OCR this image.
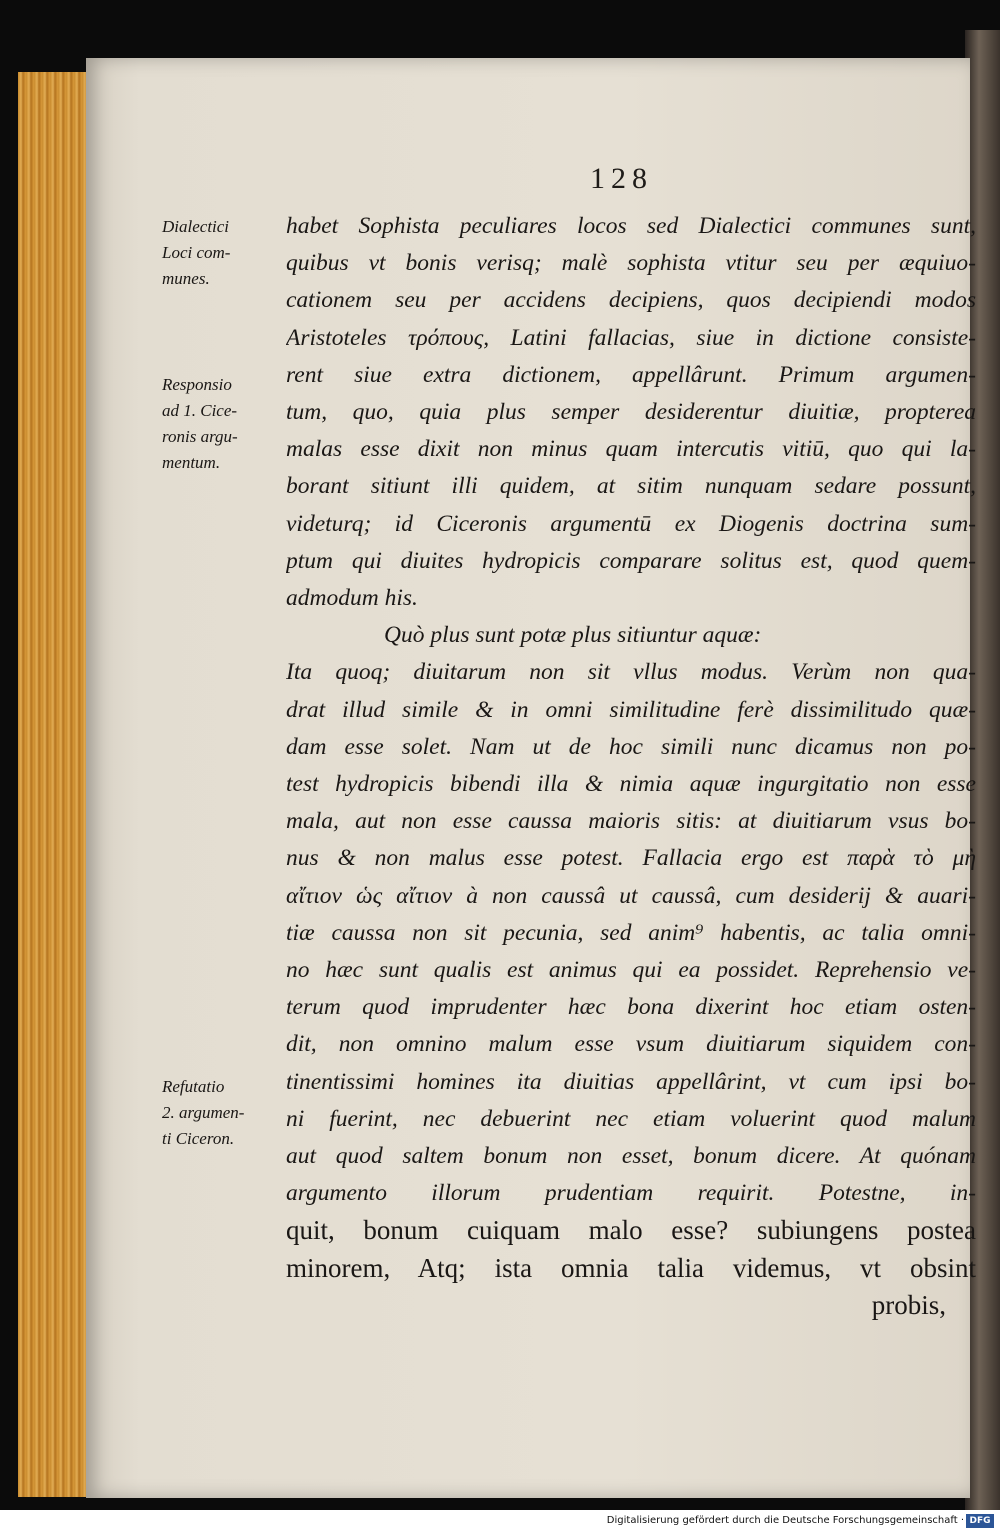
128
Dialectici
Loci com-
munes.
Responsio
ad 1. Cice-
ronis argu-
mentum.
Refutatio
2. argumen-
ti Ciceron.
habet Sophista peculiares locos sed Dialectici communes sunt,
quibus vt bonis verisq; malè sophista vtitur seu per æquiuo-
cationem seu per accidens decipiens, quos decipiendi modos
Aristoteles τρόπους, Latini fallacias, siue in dictione consiste-
rent siue extra dictionem, appellârunt. Primum argumen-
tum, quo, quia plus semper desiderentur diuitiæ, propterea
malas esse dixit non minus quam intercutis vitiū, quo qui la-
borant sitiunt illi quidem, at sitim nunquam sedare possunt,
videturq; id Ciceronis argumentū ex Diogenis doctrina sum-
ptum qui diuites hydropicis comparare solitus est, quod quem-
admodum his.
Quò plus sunt potæ plus sitiuntur aquæ:
Ita quoq; diuitarum non sit vllus modus. Verùm non qua-
drat illud simile & in omni similitudine ferè dissimilitudo quæ-
dam esse solet. Nam ut de hoc simili nunc dicamus non po-
test hydropicis bibendi illa & nimia aquæ ingurgitatio non esse
mala, aut non esse caussa maioris sitis: at diuitiarum vsus bo-
nus & non malus esse potest. Fallacia ergo est παρὰ τὸ μὴ
αἴτιον ὡς αἴτιον à non caussâ ut caussâ, cum desiderij & auari-
tiæ caussa non sit pecunia, sed anim⁹ habentis, ac talia omni-
no hæc sunt qualis est animus qui ea possidet. Reprehensio ve-
terum quod imprudenter hæc bona dixerint hoc etiam osten-
dit, non omnino malum esse vsum diuitiarum siquidem con-
tinentissimi homines ita diuitias appellârint, vt cum ipsi bo-
ni fuerint, nec debuerint nec etiam voluerint quod malum
aut quod saltem bonum non esset, bonum dicere. At quónam
argumento illorum prudentiam requirit. Potestne, in-
quit, bonum cuiquam malo esse? subiungens postea
minorem, Atq; ista omnia talia videmus, vt obsint
probis,
Digitalisierung gefördert durch die Deutsche Forschungsgemeinschaft · DFG
